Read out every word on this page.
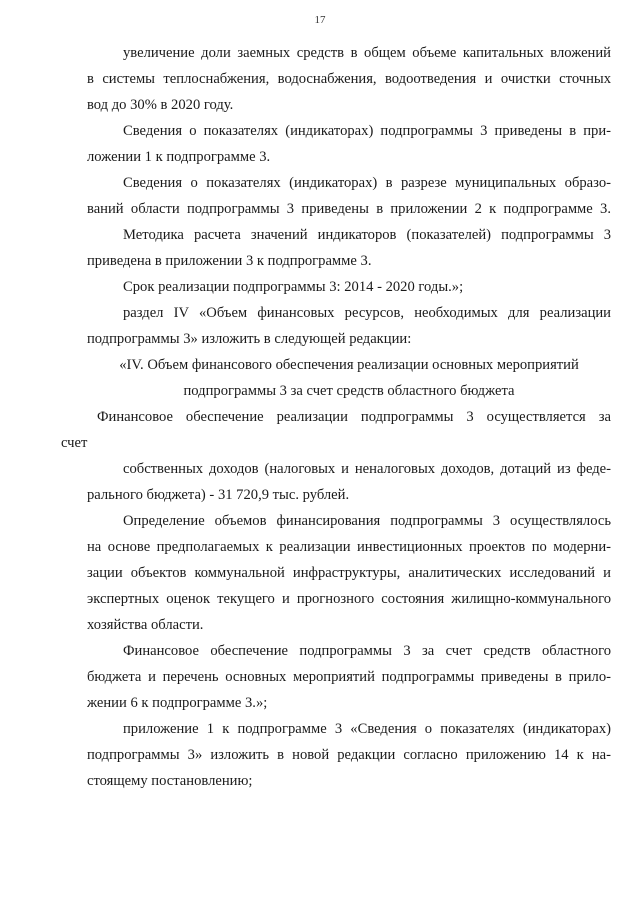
17

увеличение доли заемных средств в общем объеме капитальных вложений
в системы теплоснабжения, водоснабжения, водоотведения и очистки сточных
вод до 30% в 2020 году.

Сведения о показателях (индикаторах) подпрограммы 3 приведены в при-
ложении 1 к подпрограмме 3.

Сведения о показателях (индикаторах) в разрезе муниципальных образо-
ваний области подпрограммы 3 приведены в приложении 2 к подпрограмме 3.

Методика расчета значений индикаторов (показателей) подпрограммы 3
приведена в приложении 3 к подпрограмме 3.

Срок реализации подпрограммы 3: 2014 - 2020 годы.»;

раздел IV «Объем финансовых ресурсов, необходимых для реализации
подпрограммы 3» изложить в следующей редакции:

«IV. Объем финансового обеспечения реализации основных мероприятий
подпрограммы 3 за счет средств областного бюджета

Финансовое обеспечение реализации подпрограммы 3 осуществляется за
счет

собственных доходов (налоговых и неналоговых доходов, дотаций из феде-
рального бюджета) - 31 720,9 тыс. рублей.

Определение объемов финансирования подпрограммы 3 осуществлялось
на основе предполагаемых к реализации инвестиционных проектов по модерни-
зации объектов коммунальной инфраструктуры, аналитических исследований и
экспертных оценок текущего и прогнозного состояния жилищно-коммунального
хозяйства области.

Финансовое обеспечение подпрограммы 3 за счет средств областного
бюджета и перечень основных мероприятий подпрограммы приведены в прило-
жении 6 к подпрограмме 3.»;

приложение 1 к подпрограмме 3 «Сведения о показателях (индикаторах)
подпрограммы 3» изложить в новой редакции согласно приложению 14 к на-
стоящему постановлению;
